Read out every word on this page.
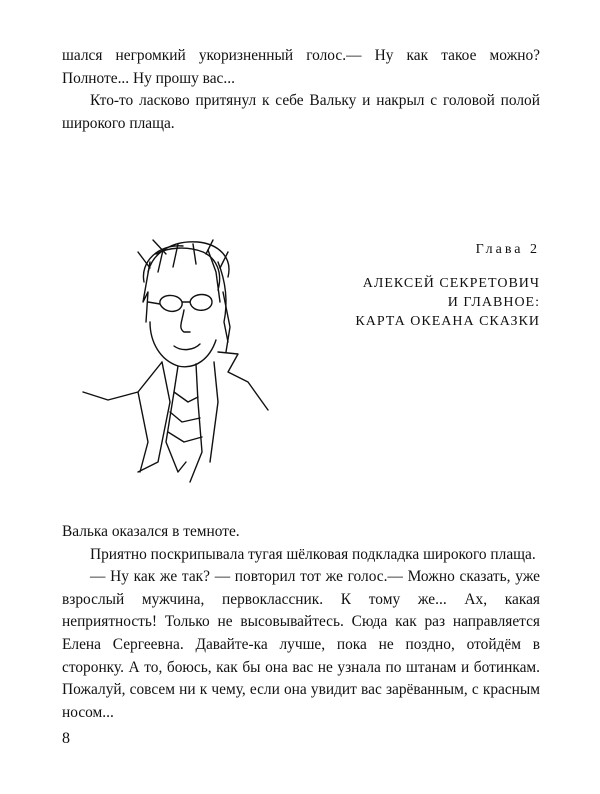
шался негромкий укоризненный голос.— Ну как такое можно? Полноте... Ну прошу вас...

Кто-то ласково притянул к себе Вальку и накрыл с головой полой широкого плаща.

Глава 2
АЛЕКСЕЙ СЕКРЕТОВИЧ
И ГЛАВНОЕ:
КАРТА ОКЕАНА СКАЗКИ

Валька оказался в темноте.

Приятно поскрипывала тугая шёлковая подкладка широкого плаща.

— Ну как же так? — повторил тот же голос.— Можно сказать, уже взрослый мужчина, первоклассник. К тому же... Ах, какая неприятность! Только не высовывайтесь. Сюда как раз направляется Елена Сергеевна. Давайте-ка лучше, пока не поздно, отойдём в сторонку. А то, боюсь, как бы она вас не узнала по штанам и ботинкам. Пожалуй, совсем ни к чему, если она увидит вас зарёванным, с красным носом...

8
